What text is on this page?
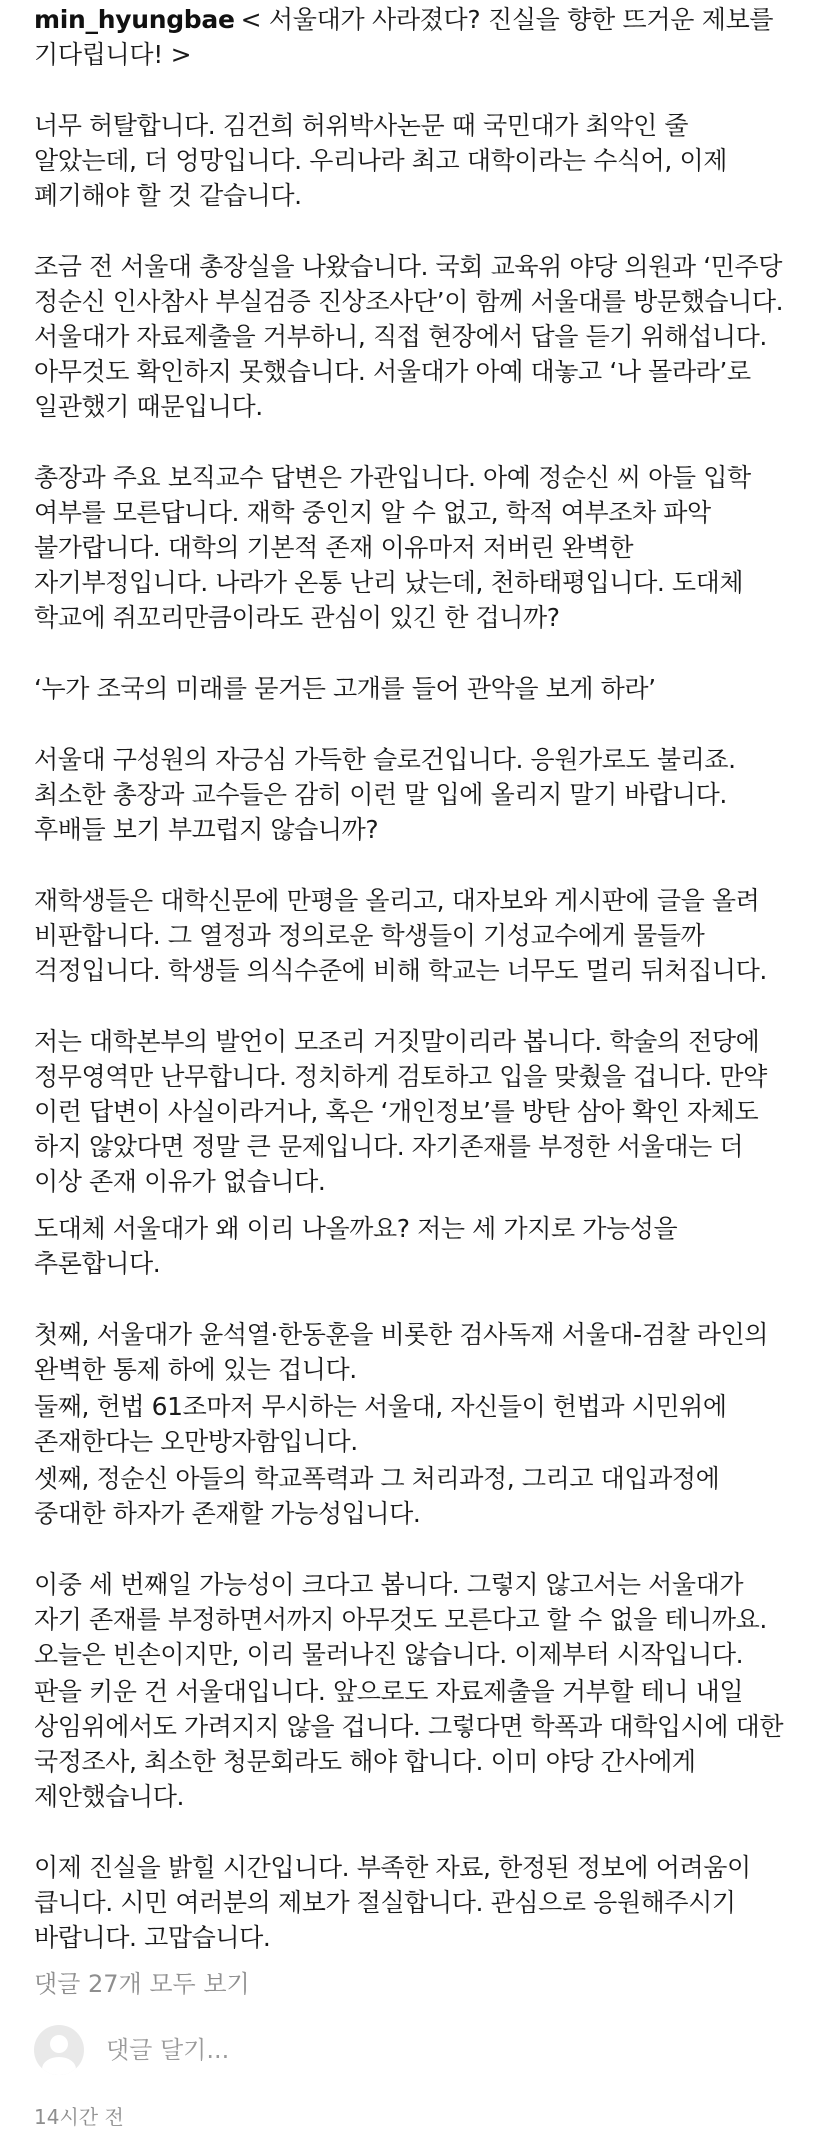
min_hyungbae < 서울대가 사라졌다? 진실을 향한 뜨거운 제보를 기다립니다! >

너무 허탈합니다. 김건희 허위박사논문 때 국민대가 최악인 줄 알았는데, 더 엉망입니다. 우리나라 최고 대학이라는 수식어, 이제 폐기해야 할 것 같습니다.

조금 전 서울대 총장실을 나왔습니다. 국회 교육위 야당 의원과 ‘민주당 정순신 인사참사 부실검증 진상조사단’이 함께 서울대를 방문했습니다. 서울대가 자료제출을 거부하니, 직접 현장에서 답을 듣기 위해섭니다. 아무것도 확인하지 못했습니다. 서울대가 아예 대놓고 ‘나 몰라라’로 일관했기 때문입니다.

총장과 주요 보직교수 답변은 가관입니다. 아예 정순신 씨 아들 입학 여부를 모른답니다. 재학 중인지 알 수 없고, 학적 여부조차 파악 불가랍니다. 대학의 기본적 존재 이유마저 저버린 완벽한 자기부정입니다. 나라가 온통 난리 났는데, 천하태평입니다. 도대체 학교에 쥐꼬리만큼이라도 관심이 있긴 한 겁니까?

‘누가 조국의 미래를 묻거든 고개를 들어 관악을 보게 하라’

서울대 구성원의 자긍심 가득한 슬로건입니다. 응원가로도 불리죠. 최소한 총장과 교수들은 감히 이런 말 입에 올리지 말기 바랍니다. 후배들 보기 부끄럽지 않습니까?

재학생들은 대학신문에 만평을 올리고, 대자보와 게시판에 글을 올려 비판합니다. 그 열정과 정의로운 학생들이 기성교수에게 물들까 걱정입니다. 학생들 의식수준에 비해 학교는 너무도 멀리 뒤처집니다.

저는 대학본부의 발언이 모조리 거짓말이리라 봅니다. 학술의 전당에 정무영역만 난무합니다. 정치하게 검토하고 입을 맞췄을 겁니다. 만약 이런 답변이 사실이라거나, 혹은 ‘개인정보’를 방탄 삼아 확인 자체도 하지 않았다면 정말 큰 문제입니다. 자기존재를 부정한 서울대는 더 이상 존재 이유가 없습니다.

도대체 서울대가 왜 이리 나올까요? 저는 세 가지로 가능성을 추론합니다.

첫째, 서울대가 윤석열·한동훈을 비롯한 검사독재 서울대-검찰 라인의 완벽한 통제 하에 있는 겁니다.

둘째, 헌법 61조마저 무시하는 서울대, 자신들이 헌법과 시민위에 존재한다는 오만방자함입니다.

셋째, 정순신 아들의 학교폭력과 그 처리과정, 그리고 대입과정에 중대한 하자가 존재할 가능성입니다.

이중 세 번째일 가능성이 크다고 봅니다. 그렇지 않고서는 서울대가 자기 존재를 부정하면서까지 아무것도 모른다고 할 수 없을 테니까요. 오늘은 빈손이지만, 이리 물러나진 않습니다. 이제부터 시작입니다.

판을 키운 건 서울대입니다. 앞으로도 자료제출을 거부할 테니 내일 상임위에서도 가려지지 않을 겁니다. 그렇다면 학폭과 대학입시에 대한 국정조사, 최소한 청문회라도 해야 합니다. 이미 야당 간사에게 제안했습니다.

이제 진실을 밝힐 시간입니다. 부족한 자료, 한정된 정보에 어려움이 큽니다. 시민 여러분의 제보가 절실합니다. 관심으로 응원해주시기 바랍니다. 고맙습니다.

댓글 27개 모두 보기
댓글 달기...
14시간 전
